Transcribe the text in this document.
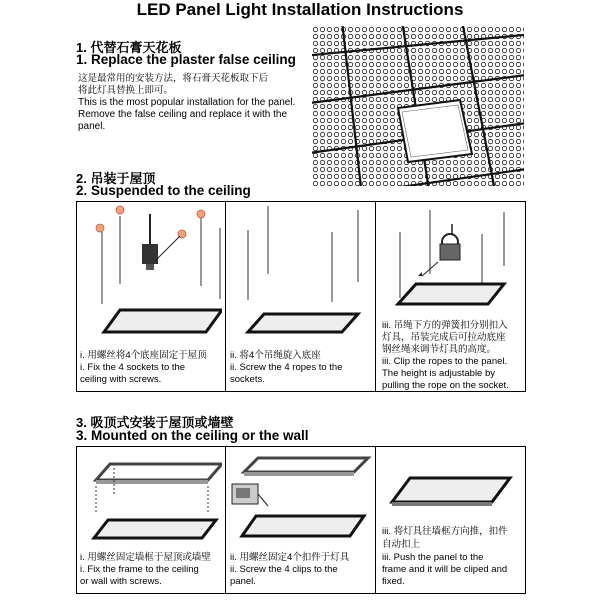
LED Panel Light Installation Instructions
1. 代替石膏天花板
1. Replace the plaster false ceiling
这是最常用的安装方法，将石膏天花板取下后
将此灯具替换上即可。
This is the most popular installation for the panel.
Remove the false ceiling and replace it with the
panel.
2. 吊装于屋顶
2. Suspended to the ceiling
i. 用螺丝将4个底座固定于屋顶
i. Fix the 4 sockets to the
ceiling with screws.
ii. 将4个吊绳旋入底座
ii. Screw the 4 ropes to the
sockets.
iii. 吊绳下方的弹簧扣分别扣入
灯具，吊装完成后可拉动底座
钢丝绳来调节灯具的高度。
iii. Clip the ropes to the panel.
The height is adjustable by
pulling the rope on the socket.
3. 吸顶式安装于屋顶或墙壁
3. Mounted on the ceiling or the wall
i. 用螺丝固定墙框于屋顶或墙壁
i. Fix the frame to the ceiling
or wall with screws.
ii. 用螺丝固定4个扣件于灯具
ii. Screw the 4 clips to the
panel.
iii. 将灯具往墙框方向推，扣件
自动扣上
iii. Push the panel to the
frame and it will be cliped and
fixed.
